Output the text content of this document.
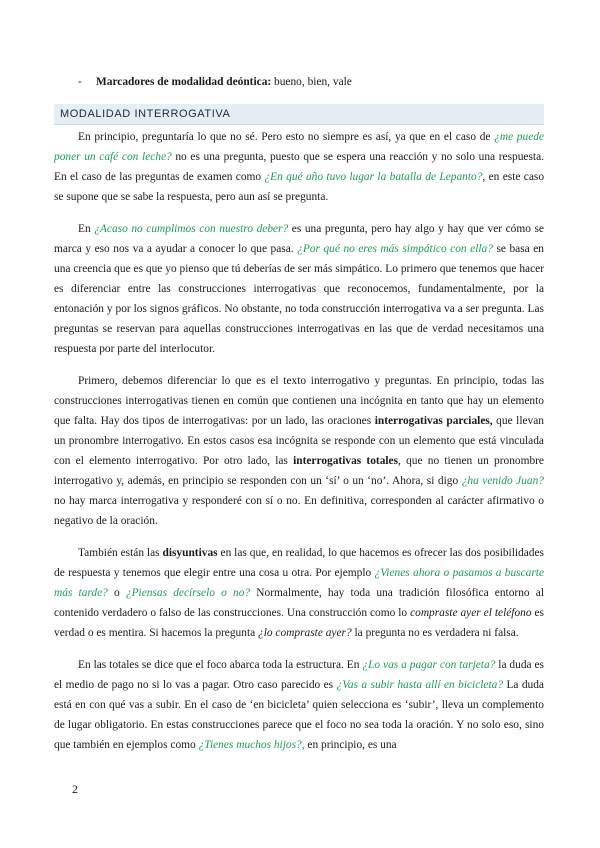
- Marcadores de modalidad deóntica: bueno, bien, vale
MODALIDAD INTERROGATIVA

En principio, preguntaría lo que no sé. Pero esto no siempre es así, ya que en el caso de ¿me puede poner un café con leche? no es una pregunta, puesto que se espera una reacción y no solo una respuesta. En el caso de las preguntas de examen como ¿En qué año tuvo lugar la batalla de Lepanto?, en este caso se supone que se sabe la respuesta, pero aun así se pregunta.

En ¿Acaso no cumplimos con nuestro deber? es una pregunta, pero hay algo y hay que ver cómo se marca y eso nos va a ayudar a conocer lo que pasa. ¿Por qué no eres más simpático con ella? se basa en una creencia que es que yo pienso que tú deberías de ser más simpático. Lo primero que tenemos que hacer es diferenciar entre las construcciones interrogativas que reconocemos, fundamentalmente, por la entonación y por los signos gráficos. No obstante, no toda construcción interrogativa va a ser pregunta. Las preguntas se reservan para aquellas construcciones interrogativas en las que de verdad necesitamos una respuesta por parte del interlocutor.

Primero, debemos diferenciar lo que es el texto interrogativo y preguntas. En principio, todas las construcciones interrogativas tienen en común que contienen una incógnita en tanto que hay un elemento que falta. Hay dos tipos de interrogativas: por un lado, las oraciones interrogativas parciales, que llevan un pronombre interrogativo. En estos casos esa incógnita se responde con un elemento que está vinculada con el elemento interrogativo. Por otro lado, las interrogativas totales, que no tienen un pronombre interrogativo y, además, en principio se responden con un ‘sí’ o un ‘no’. Ahora, si digo ¿ha venido Juan? no hay marca interrogativa y responderé con sí o no. En definitiva, corresponden al carácter afirmativo o negativo de la oración.

También están las disyuntivas en las que, en realidad, lo que hacemos es ofrecer las dos posibilidades de respuesta y tenemos que elegir entre una cosa u otra. Por ejemplo ¿Vienes ahora o pasamos a buscarte más tarde? o ¿Piensas decírselo o no? Normalmente, hay toda una tradición filosófica entorno al contenido verdadero o falso de las construcciones. Una construcción como lo compraste ayer el teléfono es verdad o es mentira. Si hacemos la pregunta ¿lo compraste ayer? la pregunta no es verdadera ni falsa.

En las totales se dice que el foco abarca toda la estructura. En ¿Lo vas a pagar con tarjeta? la duda es el medio de pago no si lo vas a pagar. Otro caso parecido es ¿Vas a subir hasta allí en bicicleta? La duda está en con qué vas a subir. En el caso de ‘en bicicleta’ quien selecciona es ‘subir’, lleva un complemento de lugar obligatorio. En estas construcciones parece que el foco no sea toda la oración. Y no solo eso, sino que también en ejemplos como ¿Tienes muchos hijos?, en principio, es una

2
